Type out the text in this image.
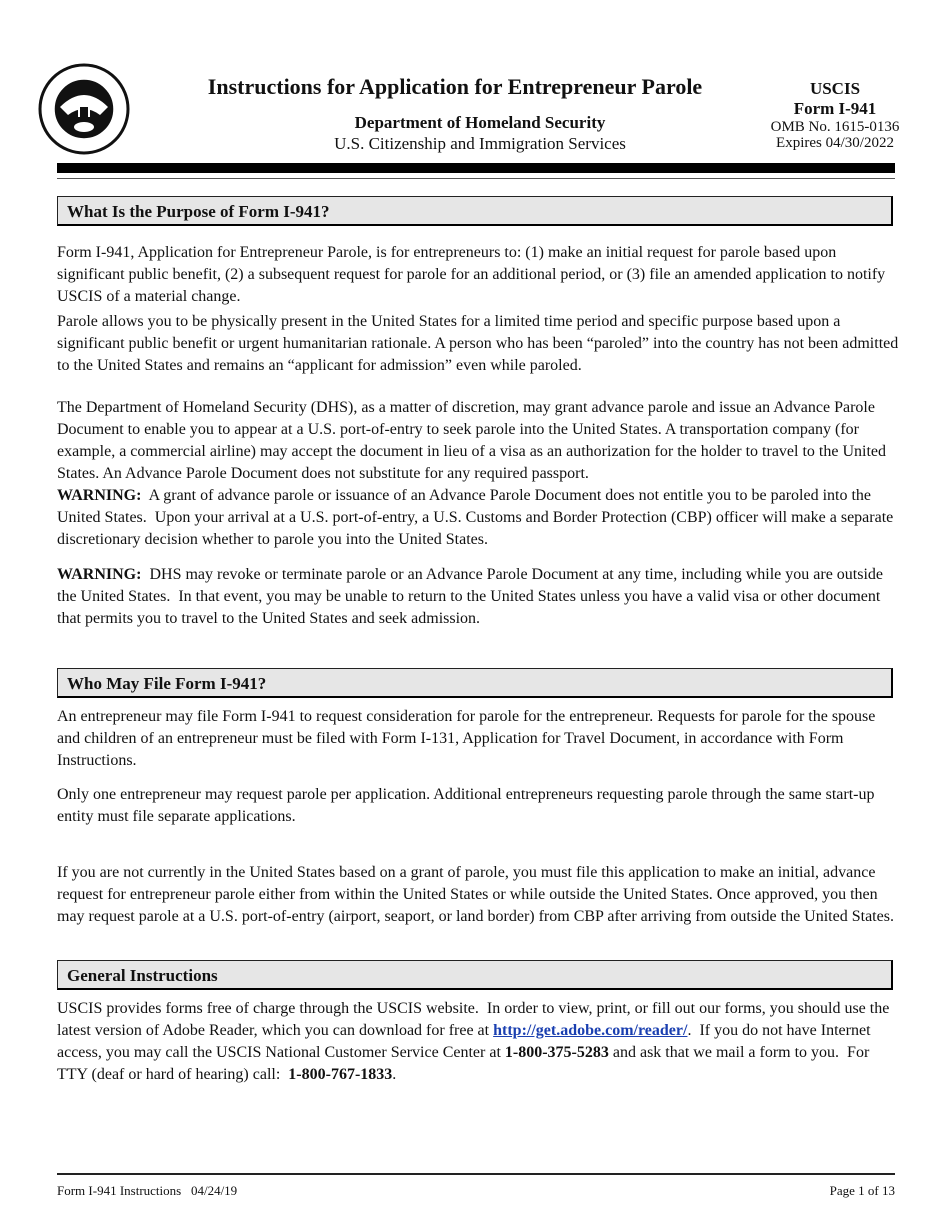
Instructions for Application for Entrepreneur Parole
Department of Homeland Security
U.S. Citizenship and Immigration Services
USCIS
Form I-941
OMB No. 1615-0136
Expires 04/30/2022
What Is the Purpose of Form I-941?
Form I-941, Application for Entrepreneur Parole, is for entrepreneurs to: (1) make an initial request for parole based upon significant public benefit, (2) a subsequent request for parole for an additional period, or (3) file an amended application to notify USCIS of a material change.
Parole allows you to be physically present in the United States for a limited time period and specific purpose based upon a significant public benefit or urgent humanitarian rationale. A person who has been “paroled” into the country has not been admitted to the United States and remains an “applicant for admission” even while paroled.
The Department of Homeland Security (DHS), as a matter of discretion, may grant advance parole and issue an Advance Parole Document to enable you to appear at a U.S. port-of-entry to seek parole into the United States. A transportation company (for example, a commercial airline) may accept the document in lieu of a visa as an authorization for the holder to travel to the United States. An Advance Parole Document does not substitute for any required passport.
WARNING:  A grant of advance parole or issuance of an Advance Parole Document does not entitle you to be paroled into the United States.  Upon your arrival at a U.S. port-of-entry, a U.S. Customs and Border Protection (CBP) officer will make a separate discretionary decision whether to parole you into the United States.
WARNING:  DHS may revoke or terminate parole or an Advance Parole Document at any time, including while you are outside the United States.  In that event, you may be unable to return to the United States unless you have a valid visa or other document that permits you to travel to the United States and seek admission.
Who May File Form I-941?
An entrepreneur may file Form I-941 to request consideration for parole for the entrepreneur. Requests for parole for the spouse and children of an entrepreneur must be filed with Form I-131, Application for Travel Document, in accordance with Form Instructions.
Only one entrepreneur may request parole per application. Additional entrepreneurs requesting parole through the same start-up entity must file separate applications.
If you are not currently in the United States based on a grant of parole, you must file this application to make an initial, advance request for entrepreneur parole either from within the United States or while outside the United States. Once approved, you then may request parole at a U.S. port-of-entry (airport, seaport, or land border) from CBP after arriving from outside the United States.
General Instructions
USCIS provides forms free of charge through the USCIS website.  In order to view, print, or fill out our forms, you should use the latest version of Adobe Reader, which you can download for free at http://get.adobe.com/reader/.  If you do not have Internet access, you may call the USCIS National Customer Service Center at 1-800-375-5283 and ask that we mail a form to you.  For TTY (deaf or hard of hearing) call:  1-800-767-1833.
Form I-941 Instructions   04/24/19	Page 1 of 13
